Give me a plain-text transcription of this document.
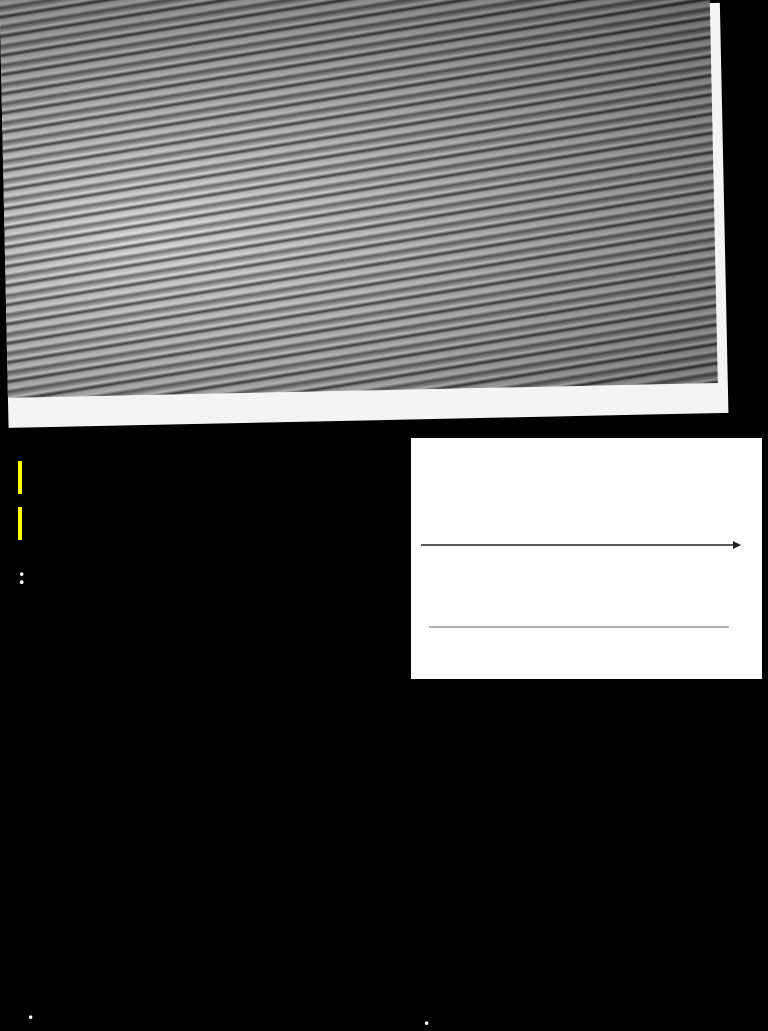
•	•
